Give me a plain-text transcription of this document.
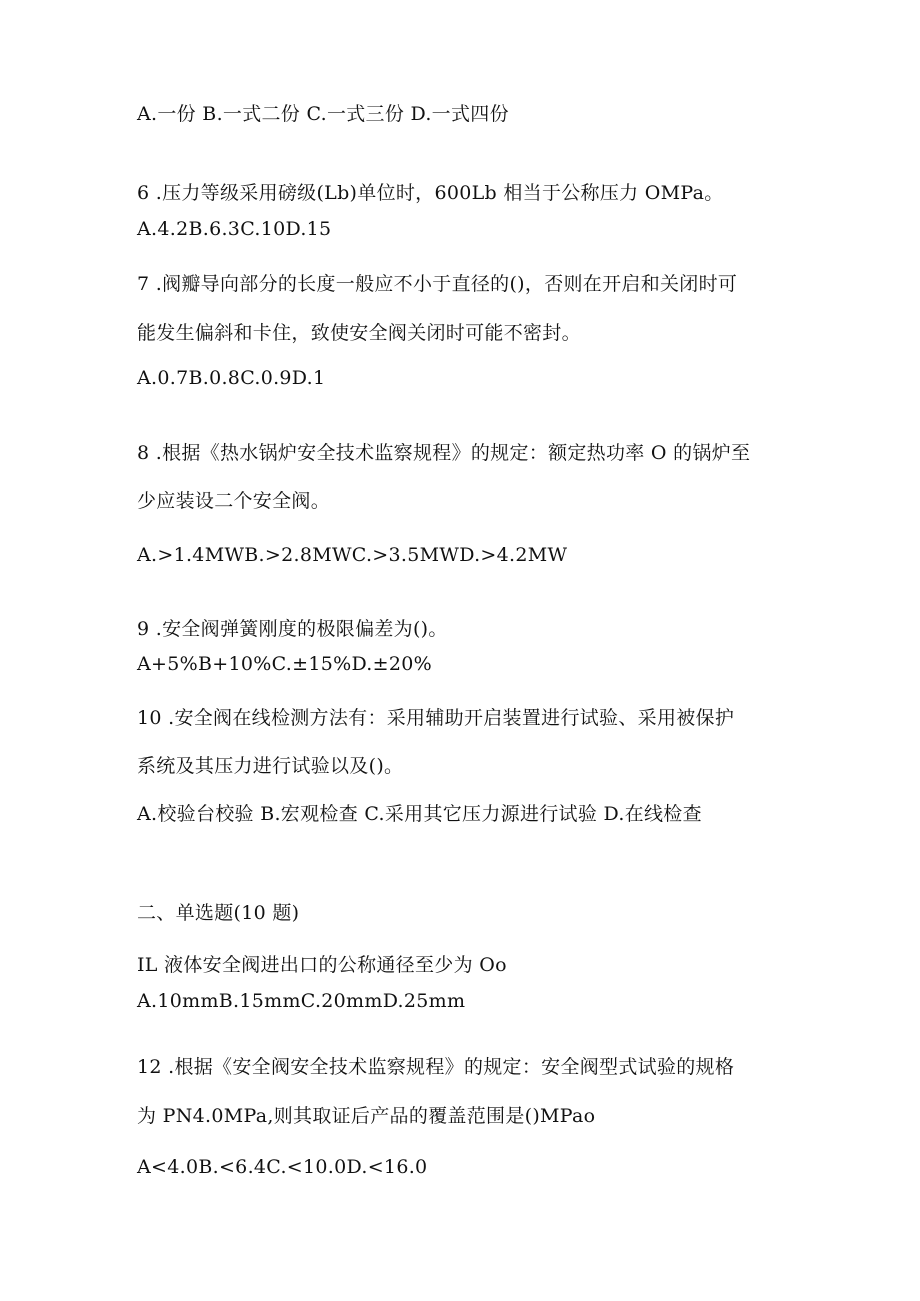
A.一份 B.一式二份 C.一式三份 D.一式四份
6 .压力等级采用磅级(Lb)单位时，600Lb 相当于公称压力 OMPa。
A.4.2B.6.3C.10D.15
7 .阀瓣导向部分的长度一般应不小于直径的()，否则在开启和关闭时可
能发生偏斜和卡住，致使安全阀关闭时可能不密封。
A.0.7B.0.8C.0.9D.1
8 .根据《热水锅炉安全技术监察规程》的规定：额定热功率 O 的锅炉至
少应装设二个安全阀。
A.>1.4MWB.>2.8MWC.>3.5MWD.>4.2MW
9 .安全阀弹簧刚度的极限偏差为()。
A+5%B+10%C.±15%D.±20%
10 .安全阀在线检测方法有：采用辅助开启装置进行试验、采用被保护
系统及其压力进行试验以及()。
A.校验台校验 B.宏观检查 C.采用其它压力源进行试验 D.在线检查
二、单选题(10 题)
IL 液体安全阀进出口的公称通径至少为 Oo
A.10mmB.15mmC.20mmD.25mm
12 .根据《安全阀安全技术监察规程》的规定：安全阀型式试验的规格
为 PN4.0MPa,则其取证后产品的覆盖范围是()MPao
A<4.0B.<6.4C.<10.0D.<16.0
